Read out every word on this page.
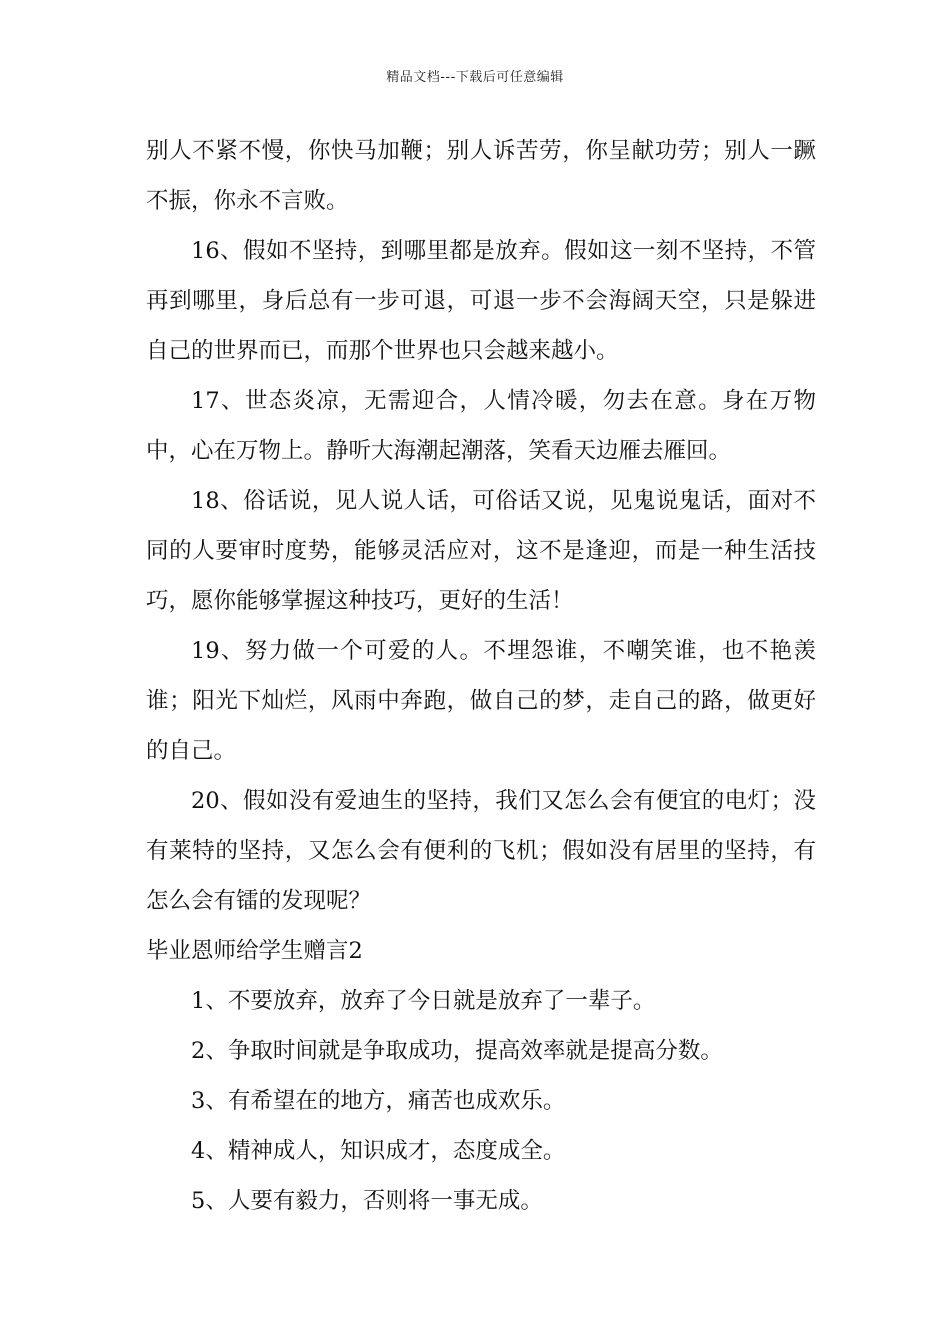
精品文档---下载后可任意编辑

别人不紧不慢，你快马加鞭；别人诉苦劳，你呈献功劳；别人一蹶不振，你永不言败。

16、假如不坚持，到哪里都是放弃。假如这一刻不坚持，不管再到哪里，身后总有一步可退，可退一步不会海阔天空，只是躲进自己的世界而已，而那个世界也只会越来越小。

17、世态炎凉，无需迎合，人情冷暖，勿去在意。身在万物中，心在万物上。静听大海潮起潮落，笑看天边雁去雁回。

18、俗话说，见人说人话，可俗话又说，见鬼说鬼话，面对不同的人要审时度势，能够灵活应对，这不是逢迎，而是一种生活技巧，愿你能够掌握这种技巧，更好的生活！

19、努力做一个可爱的人。不埋怨谁，不嘲笑谁，也不艳羡谁；阳光下灿烂，风雨中奔跑，做自己的梦，走自己的路，做更好的自己。

20、假如没有爱迪生的坚持，我们又怎么会有便宜的电灯；没有莱特的坚持，又怎么会有便利的飞机；假如没有居里的坚持，有怎么会有镭的发现呢？

毕业恩师给学生赠言2

1、不要放弃，放弃了今日就是放弃了一辈子。

2、争取时间就是争取成功，提高效率就是提高分数。

3、有希望在的地方，痛苦也成欢乐。

4、精神成人，知识成才，态度成全。

5、人要有毅力，否则将一事无成。
